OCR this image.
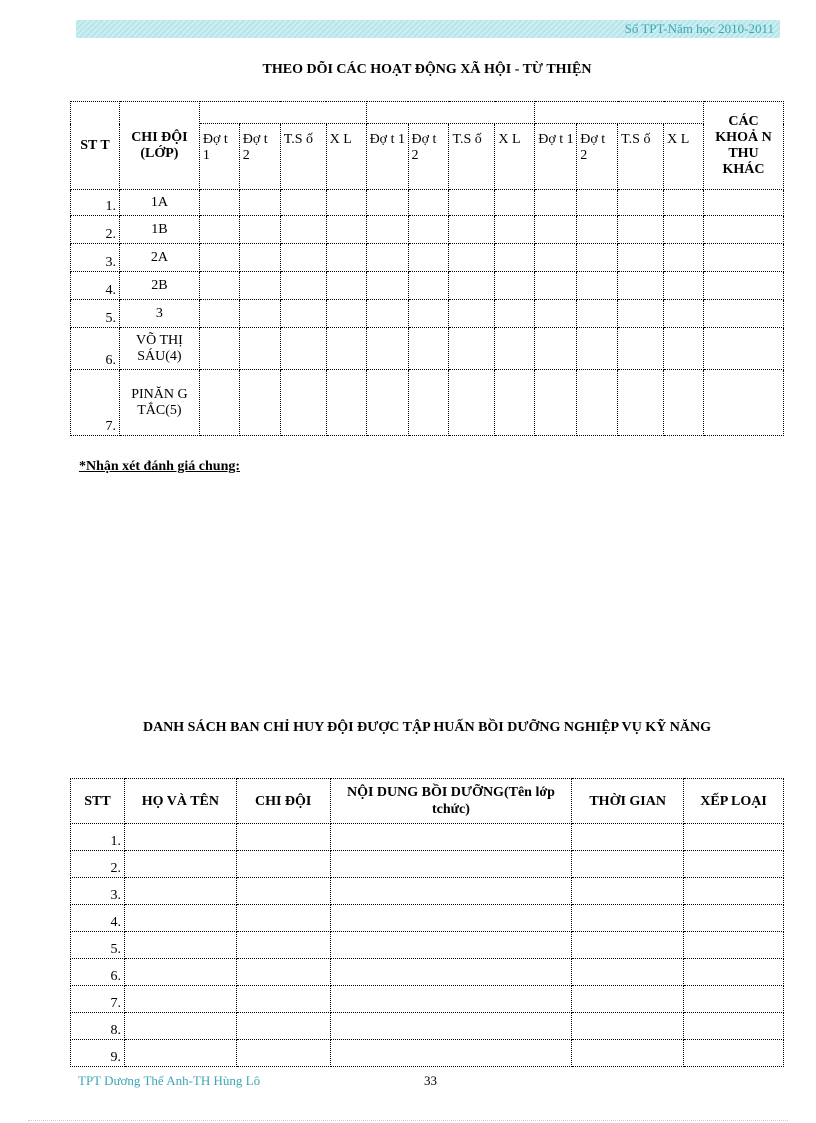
Sổ TPT-Năm học 2010-2011
THEO DÕI CÁC HOẠT ĐỘNG XÃ HỘI - TỪ THIỆN
ST T	CHI ĐỘI (LỚP)													CÁC KHOẢ N THU KHÁC
		Đợ t 1	Đợ t 2	T.S ố	X L	Đợ t 1	Đợ t 2	T.S ố	X L	Đợ t 1	Đợ t 2	T.S ố	X L	
1.	1A													
2.	1B													
3.	2A													
4.	2B													
5.	3													
6.	VÕ THỊ SÁU(4)													
7.	PINĂN G TẮC(5)													
*Nhận xét đánh giá chung:
DANH SÁCH BAN CHỈ HUY ĐỘI ĐƯỢC TẬP HUẤN BỒI DƯỠNG NGHIỆP VỤ KỸ NĂNG
STT	HỌ VÀ TÊN	CHI ĐỘI	NỘI DUNG BỒI DƯỠNG(Tên lớp tchức)	THỜI GIAN	XẾP LOẠI
1.					
2.					
3.					
4.					
5.					
6.					
7.					
8.					
9.					
TPT Dương Thế Anh-TH Hùng Lô	33
